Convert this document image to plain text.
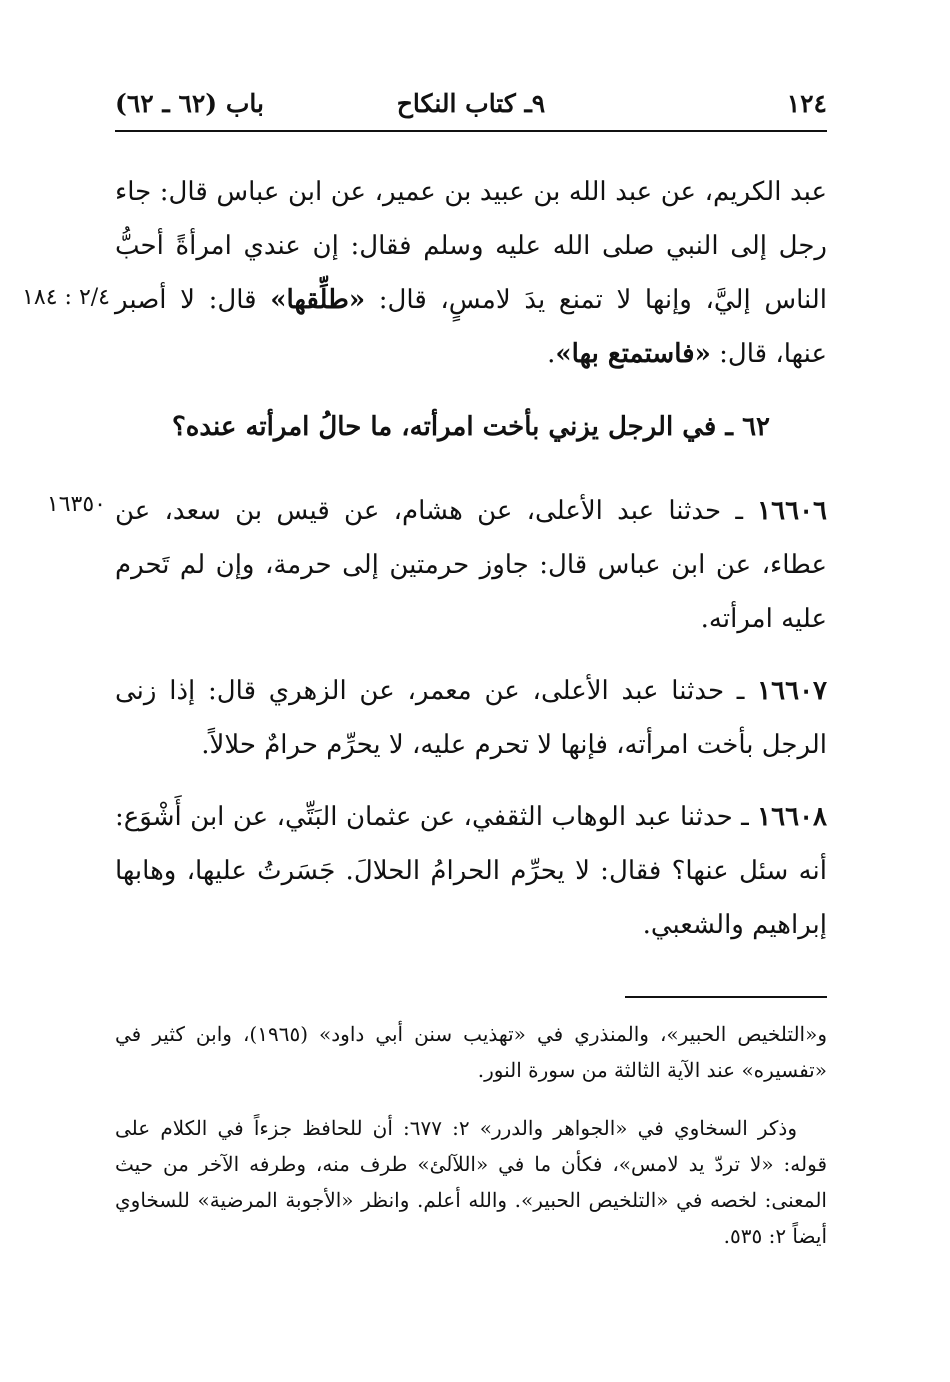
١٢٤
٩ـ كتاب النكاح
باب (٦٢ ـ ٦٢)
٢/٤ : ١٨٤
عبد الكريم، عن عبد الله بن عبيد بن عمير، عن ابن عباس قال: جاء رجل إلى النبي صلى الله عليه وسلم فقال: إن عندي امرأةً أحبُّ الناس إليَّ، وإنها لا تمنع يدَ لامسٍ، قال: «طلِّقها» قال: لا أصبر عنها، قال: «فاستمتع بها».
٦٢ ـ في الرجل يزني بأخت امرأته، ما حالُ امرأته عنده؟
١٦٣٥٠	١٦٦٠٦ ـ حدثنا عبد الأعلى، عن هشام، عن قيس بن سعد، عن عطاء، عن ابن عباس قال: جاوز حرمتين إلى حرمة، وإن لم تَحرم عليه امرأته.
١٦٦٠٧ ـ حدثنا عبد الأعلى، عن معمر، عن الزهري قال: إذا زنى الرجل بأخت امرأته، فإنها لا تحرم عليه، لا يحرِّم حرامٌ حلالاً.
١٦٦٠٨ ـ حدثنا عبد الوهاب الثقفي، عن عثمان البَتِّي، عن ابن أَشْوَع: أنه سئل عنها؟ فقال: لا يحرِّم الحرامُ الحلالَ. جَسَرتُ عليها، وهابها إبراهيم والشعبي.
و«التلخيص الحبير»، والمنذري في «تهذيب سنن أبي داود» (١٩٦٥)، وابن كثير في «تفسيره» عند الآية الثالثة من سورة النور.
وذكر السخاوي في «الجواهر والدرر» ٢: ٦٧٧: أن للحافظ جزءاً في الكلام على قوله: «لا تردّ يد لامس»، فكأن ما في «اللآلئ» طرف منه، وطرفه الآخر من حيث المعنى: لخصه في «التلخيص الحبير». والله أعلم. وانظر «الأجوبة المرضية» للسخاوي أيضاً ٢: ٥٣٥.
